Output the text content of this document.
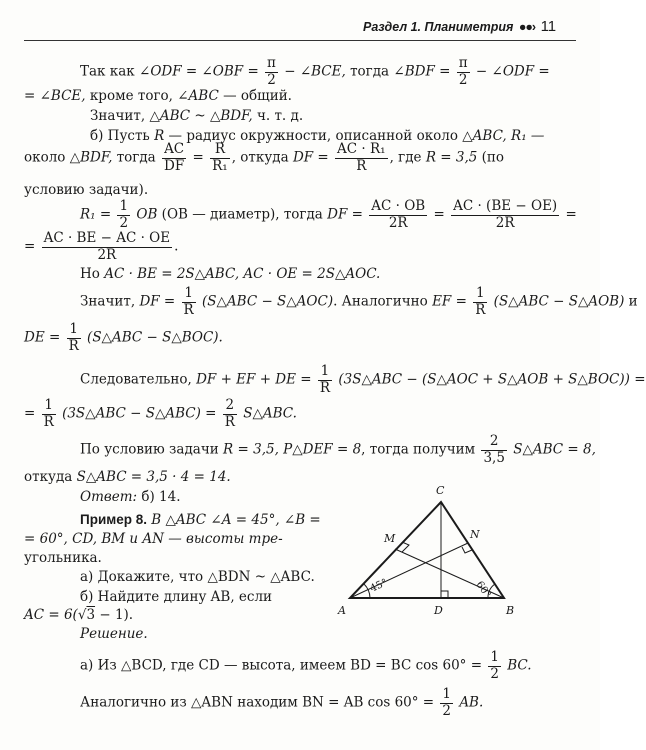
Раздел 1. Планиметрия ●●› 11
Так как ∠ODF = ∠OBF = $\frac{\pi}{2}$ − ∠BCE, тогда ∠BDF = $\frac{\pi}{2}$ − ∠ODF =
= ∠BCE, кроме того, ∠ABC — общий.
Значит, △ABC ~ △BDF, ч. т. д.
б) Пусть R — радиус окружности, описанной около △ABC, R₁ —
около △BDF, тогда $\frac{AC}{DF} = \frac{R}{\text{R₁}}$ , откуда DF = $\frac{\text{AC · R₁}}{R}$ , где R = 3,5 (по
условию задачи).
$R_1 = \frac{1}{2}$ OB (OB — диаметр), тогда DF = $\frac{AC \cdot OB}{2R} = \frac{AC \cdot (BE - OE)}{2R}$ =
= $\frac{AC \cdot BE - AC \cdot OE}{2R}$ .
Но AC · BE = 2S△ABC, AC · OE = 2S△AOC.
Значит, DF = $\frac{1}{R}$ (S△ABC − S△AOC). Аналогично EF = $\frac{1}{R}$ (S△ABC − S△AOB) и
DE = $\frac{1}{R}$ (S△ABC − S△BOC).
Следовательно, DF + EF + DE = $\frac{1}{R}$ (3S△ABC − (S△AOC + S△AOB + S△BOC)) =
= $\frac{1}{R}$ (3S△ABC − S△ABC) = $\frac{2}{R}$ S△ABC.
По условию задачи R = 3,5, P△DEF = 8, тогда получим $\frac{2}{3,5}$ S△ABC = 8,
откуда S△ABC = 3,5 · 4 = 14.
Ответ: б) 14.
Пример 8. В △ABC ∠A = 45°, ∠B =
= 60°, CD, BM и AN — высоты тре-
угольника.
а) Докажите, что △BDN ~ △ABC.
б) Найдите длину AB, если
AC = 6(√3 − 1).
Решение.
а) Из △BCD, где CD — высота, имеем BD = BC $\cos 60^\circ = \frac{1}{2}$ BC.
Аналогично из △ABN находим BN = AB $\cos 60^\circ = \frac{1}{2}$ AB.
A	B
C
D
M	N
45°	60°
